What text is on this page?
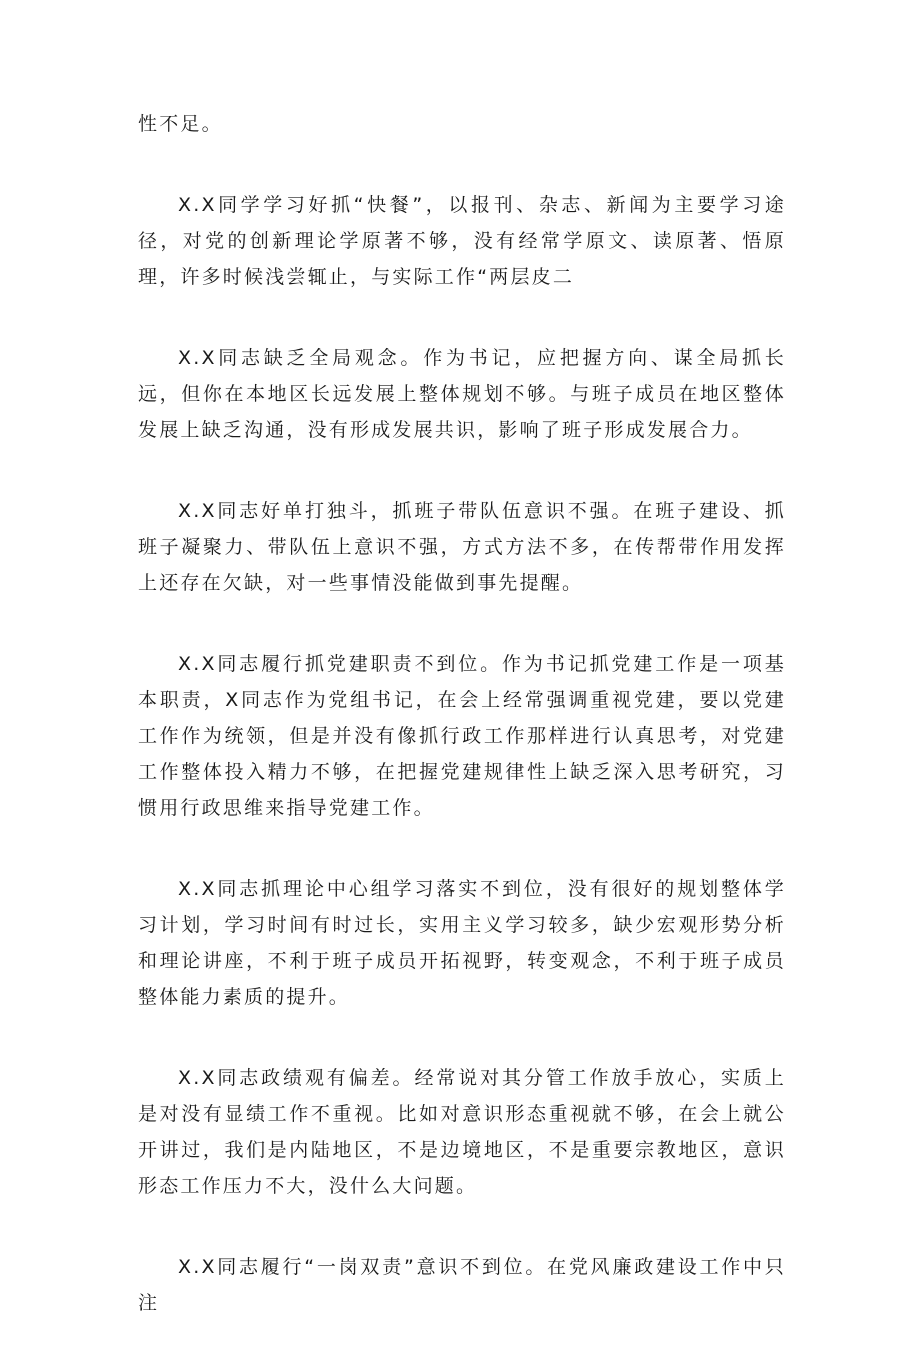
性不足。

X.X同学学习好抓“快餐”，以报刊、杂志、新闻为主要学习途径，对党的创新理论学原著不够，没有经常学原文、读原著、悟原理，许多时候浅尝辄止，与实际工作“两层皮二

X.X同志缺乏全局观念。作为书记，应把握方向、谋全局抓长远，但你在本地区长远发展上整体规划不够。与班子成员在地区整体发展上缺乏沟通，没有形成发展共识，影响了班子形成发展合力。

X.X同志好单打独斗，抓班子带队伍意识不强。在班子建设、抓班子凝聚力、带队伍上意识不强，方式方法不多，在传帮带作用发挥上还存在欠缺，对一些事情没能做到事先提醒。

X.X同志履行抓党建职责不到位。作为书记抓党建工作是一项基本职责，X同志作为党组书记，在会上经常强调重视党建，要以党建工作作为统领，但是并没有像抓行政工作那样进行认真思考，对党建工作整体投入精力不够，在把握党建规律性上缺乏深入思考研究，习惯用行政思维来指导党建工作。

X.X同志抓理论中心组学习落实不到位，没有很好的规划整体学习计划，学习时间有时过长，实用主义学习较多，缺少宏观形势分析和理论讲座，不利于班子成员开拓视野，转变观念，不利于班子成员整体能力素质的提升。

X.X同志政绩观有偏差。经常说对其分管工作放手放心，实质上是对没有显绩工作不重视。比如对意识形态重视就不够，在会上就公开讲过，我们是内陆地区，不是边境地区，不是重要宗教地区，意识形态工作压力不大，没什么大问题。

X.X同志履行“一岗双责”意识不到位。在党风廉政建设工作中只注
